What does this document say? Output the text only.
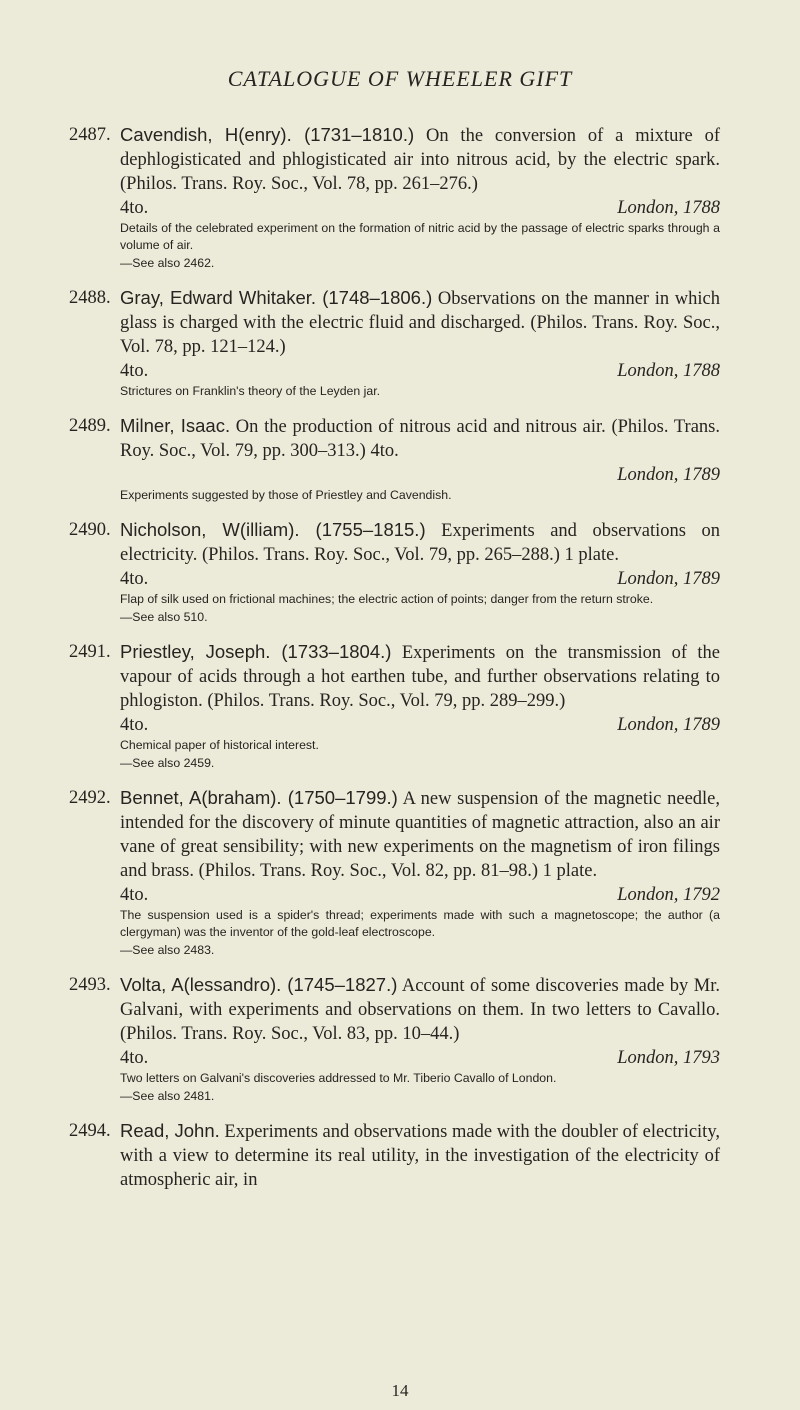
CATALOGUE OF WHEELER GIFT
2487. Cavendish, H(enry). (1731–1810.) On the conversion of a mixture of dephlogisticated and phlogisticated air into nitrous acid, by the electric spark. (Philos. Trans. Roy. Soc., Vol. 78, pp. 261–276.)
4to.	London, 1788
Details of the celebrated experiment on the formation of nitric acid by the passage of electric sparks through a volume of air.
—See also 2462.
2488. Gray, Edward Whitaker. (1748–1806.) Observations on the manner in which glass is charged with the electric fluid and discharged. (Philos. Trans. Roy. Soc., Vol. 78, pp. 121–124.)
4to.	London, 1788
Strictures on Franklin's theory of the Leyden jar.
2489. Milner, Isaac. On the production of nitrous acid and nitrous air. (Philos. Trans. Roy. Soc., Vol. 79, pp. 300–313.) 4to.
London, 1789
Experiments suggested by those of Priestley and Cavendish.
2490. Nicholson, W(illiam). (1755–1815.) Experiments and observations on electricity. (Philos. Trans. Roy. Soc., Vol. 79, pp. 265–288.) 1 plate.
4to.	London, 1789
Flap of silk used on frictional machines; the electric action of points; danger from the return stroke.
—See also 510.
2491. Priestley, Joseph. (1733–1804.) Experiments on the transmission of the vapour of acids through a hot earthen tube, and further observations relating to phlogiston. (Philos. Trans. Roy. Soc., Vol. 79, pp. 289–299.)
4to.	London, 1789
Chemical paper of historical interest.
—See also 2459.
2492. Bennet, A(braham). (1750–1799.) A new suspension of the magnetic needle, intended for the discovery of minute quantities of magnetic attraction, also an air vane of great sensibility; with new experiments on the magnetism of iron filings and brass. (Philos. Trans. Roy. Soc., Vol. 82, pp. 81–98.) 1 plate.
4to.	London, 1792
The suspension used is a spider's thread; experiments made with such a magnetoscope; the author (a clergyman) was the inventor of the gold-leaf electroscope.
—See also 2483.
2493. Volta, A(lessandro). (1745–1827.) Account of some discoveries made by Mr. Galvani, with experiments and observations on them. In two letters to Cavallo. (Philos. Trans. Roy. Soc., Vol. 83, pp. 10–44.)
4to.	London, 1793
Two letters on Galvani's discoveries addressed to Mr. Tiberio Cavallo of London.
—See also 2481.
2494. Read, John. Experiments and observations made with the doubler of electricity, with a view to determine its real utility, in the investigation of the electricity of atmospheric air, in
14
